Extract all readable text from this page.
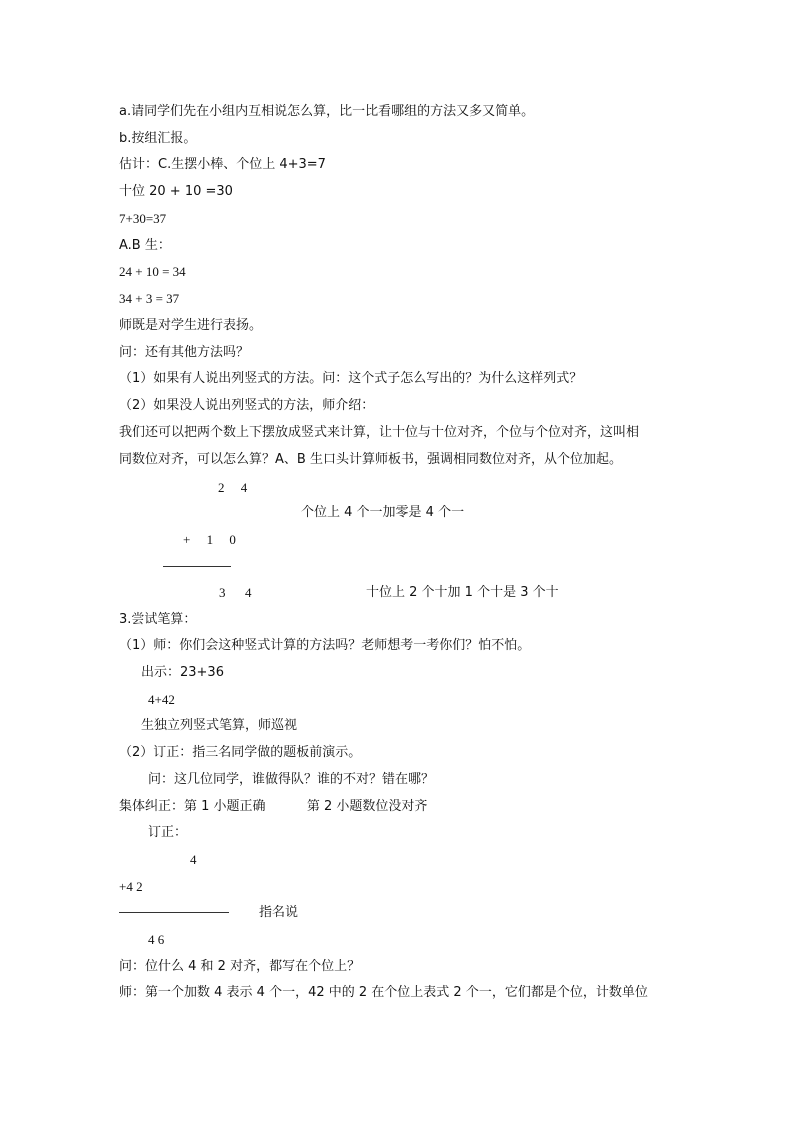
a.请同学们先在小组内互相说怎么算，比一比看哪组的方法又多又简单。
b.按组汇报。
估计：C.生摆小棒、个位上 4+3=7
十位 20 + 10 =30
7+30=37
A.B 生：
24 + 10 = 34
34 + 3 = 37
师既是对学生进行表扬。
问：还有其他方法吗？
（1）如果有人说出列竖式的方法。问：这个式子怎么写出的？为什么这样列式？
（2）如果没人说出列竖式的方法，师介绍：
我们还可以把两个数上下摆放成竖式来计算，让十位与十位对齐，个位与个位对齐，这叫相
同数位对齐，可以怎么算？A、B 生口头计算师板书，强调相同数位对齐，从个位加起。
2     4
个位上 4 个一加零是 4 个一
+     1     0
3      4	十位上 2 个十加 1 个十是 3 个十
3.尝试笔算：
（1）师：你们会这种竖式计算的方法吗？老师想考一考你们？怕不怕。
出示：23+36
4+42
生独立列竖式笔算，师巡视
（2）订正：指三名同学做的题板前演示。
问：这几位同学，谁做得队？谁的不对？错在哪？
集体纠正：第 1 小题正确          第 2 小题数位没对齐
订正：
4
+4 2
指名说
4 6
问：位什么 4 和 2 对齐，都写在个位上？
师：第一个加数 4 表示 4 个一，42 中的 2 在个位上表式 2 个一，它们都是个位，计数单位
